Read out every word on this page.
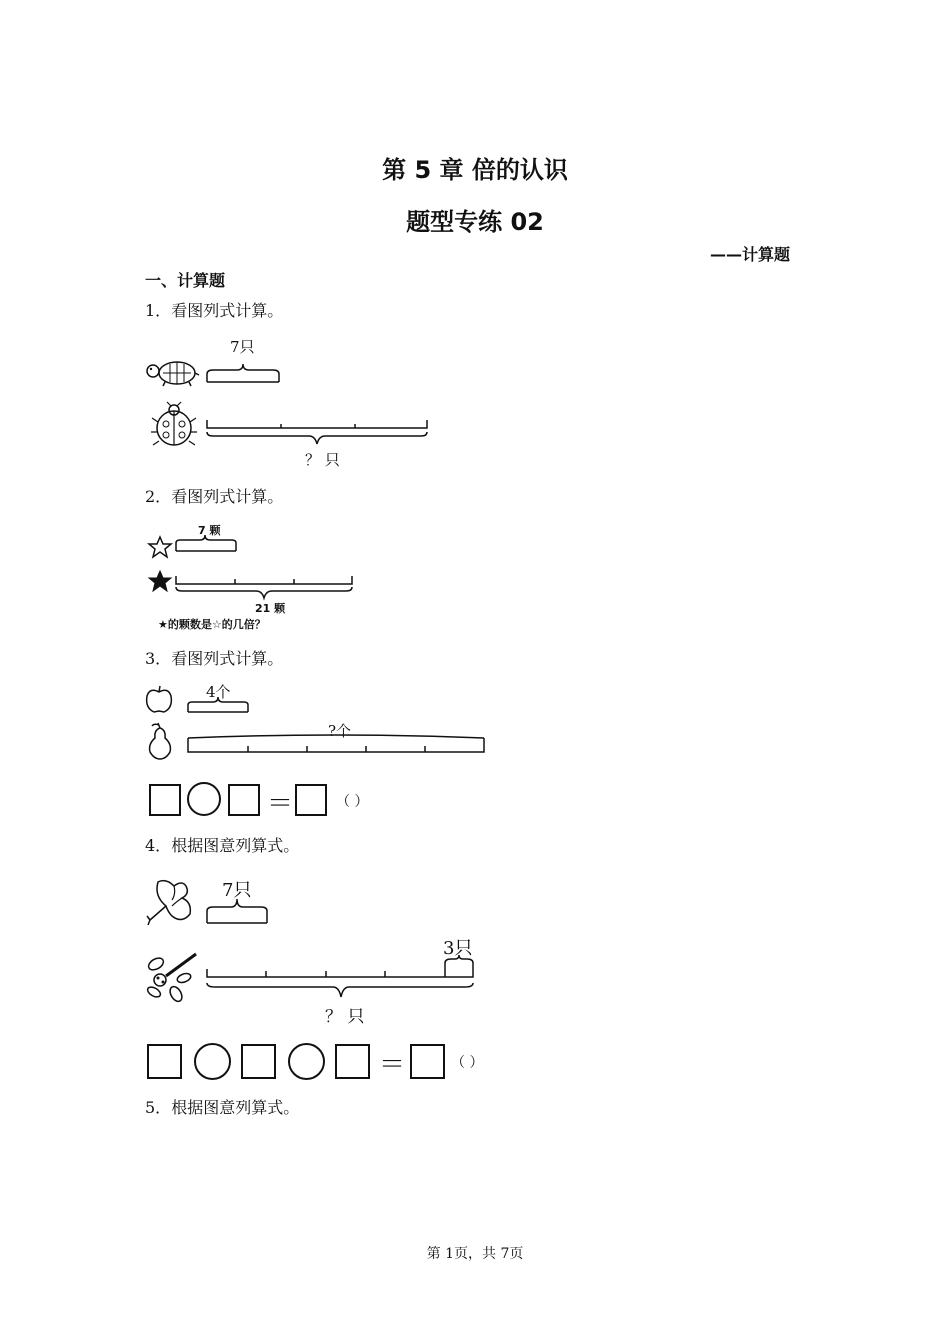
第 5 章 倍的认识
题型专练 02
——计算题
一、计算题
1．看图列式计算。
7只
？ 只
2．看图列式计算。
7 颗
21 颗
★的颗数是☆的几倍？
3．看图列式计算。
4个
?个
＝	（ ）
4．根据图意列算式。
7只
3只
？ 只
＝	（ ）
5．根据图意列算式。
第 1页，共 7页
